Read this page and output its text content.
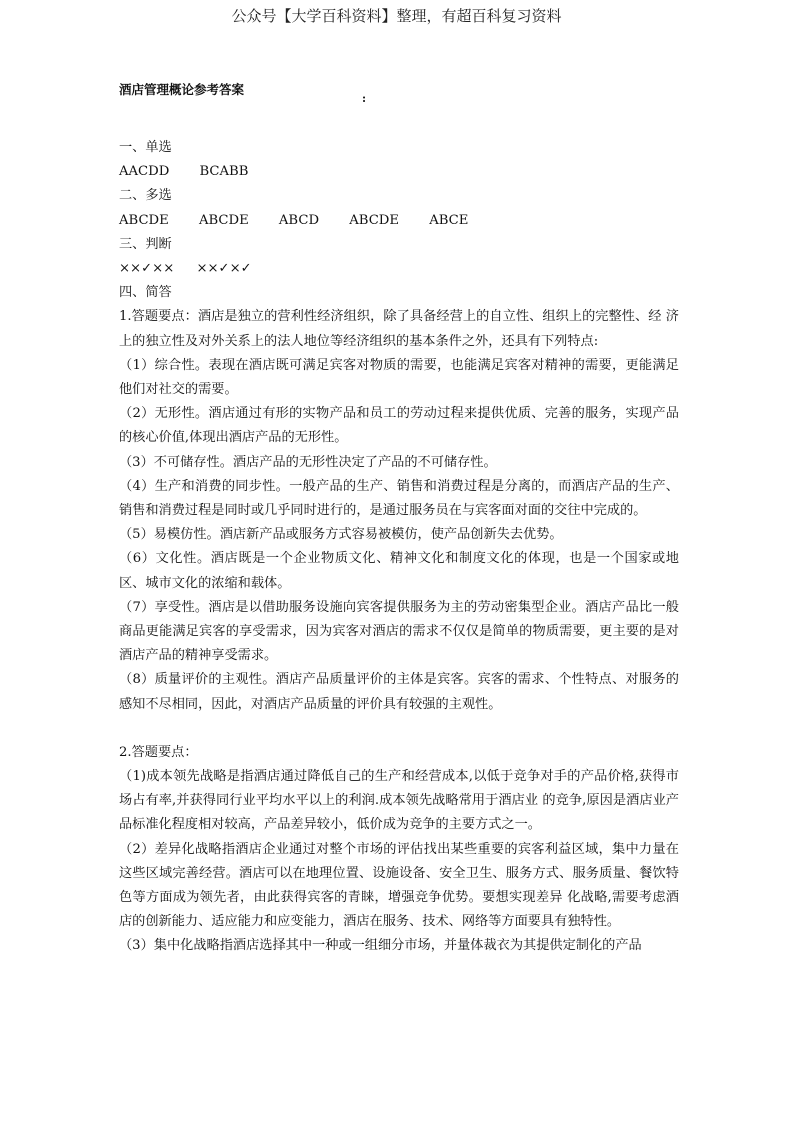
公众号【大学百科资料】整理，有超百科复习资料
酒店管理概论参考答案
:
一、单选
AACDD BCABB
二、多选
ABCDE ABCDE ABCD ABCDE ABCE
三、判断
××✓×× ××✓×✓
四、简答
1.答题要点：酒店是独立的营利性经济组织，除了具备经营上的自立性、组织上的完整性、经 济上的独立性及对外关系上的法人地位等经济组织的基本条件之外，还具有下列特点:
（1）综合性。表现在酒店既可满足宾客对物质的需要，也能满足宾客对精神的需要，更能满足他们对社交的需要。
（2）无形性。酒店通过有形的实物产品和员工的劳动过程来提供优质、完善的服务，实现产品的核心价值,体现出酒店产品的无形性。
（3）不可储存性。酒店产品的无形性决定了产品的不可储存性。
（4）生产和消费的同步性。一般产品的生产、销售和消费过程是分离的，而酒店产品的生产、销售和消费过程是同时或几乎同时进行的，是通过服务员在与宾客面对面的交往中完成的。
（5）易模仿性。酒店新产品或服务方式容易被模仿，使产品创新失去优势。
（6）文化性。酒店既是一个企业物质文化、精神文化和制度文化的体现，也是一个国家或地区、城市文化的浓缩和载体。
（7）享受性。酒店是以借助服务设施向宾客提供服务为主的劳动密集型企业。酒店产品比一般商品更能满足宾客的享受需求，因为宾客对酒店的需求不仅仅是简单的物质需要，更主要的是对酒店产品的精神享受需求。
（8）质量评价的主观性。酒店产品质量评价的主体是宾客。宾客的需求、个性特点、对服务的感知不尽相同，因此，对酒店产品质量的评价具有较强的主观性。
2.答题要点：
（1)成本领先战略是指酒店通过降低自己的生产和经营成本,以低于竞争对手的产品价格,获得市场占有率,并获得同行业平均水平以上的利润.成本领先战略常用于酒店业 的竞争,原因是酒店业产品标准化程度相对较高，产品差异较小，低价成为竞争的主要方式之一。
（2）差异化战略指酒店企业通过对整个市场的评估找出某些重要的宾客利益区域，集中力量在这些区域完善经营。酒店可以在地理位置、设施设备、安全卫生、服务方式、服务质量、餐饮特色等方面成为领先者，由此获得宾客的青睐，增强竞争优势。要想实现差异 化战略,需要考虑酒店的创新能力、适应能力和应变能力，酒店在服务、技术、网络等方面要具有独特性。
（3）集中化战略指酒店选择其中一种或一组细分市场，并量体裁衣为其提供定制化的产品
